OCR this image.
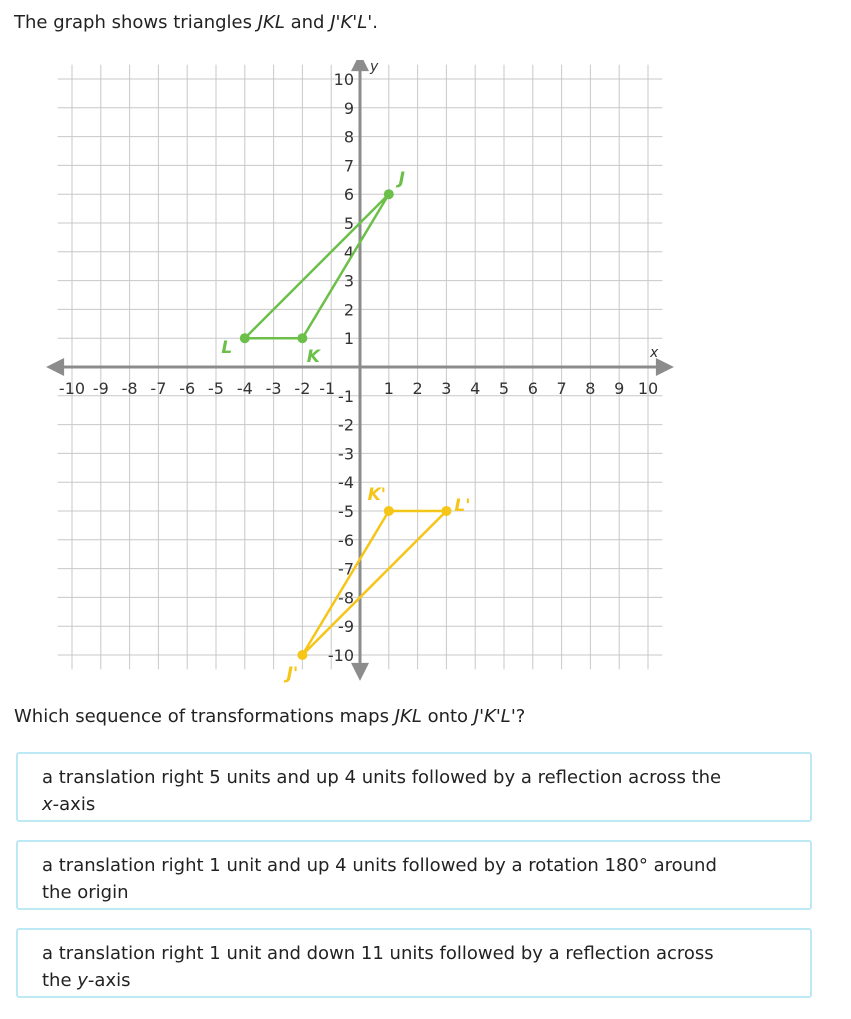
The graph shows triangles JKL and J'K'L'.

x
y
-10 -9 -8 -7 -6 -5 -4 -3 -2 -1	1 2 3 4 5 6 7 8 9 10
-10
-9
-8
-7
-6
-5
-4
-3
-2
-1
1
2
3
4
5
6
7
8
9
10
J
K
L
J'
K'
L'

Which sequence of transformations maps JKL onto J'K'L'?

a translation right 5 units and up 4 units followed by a reflection across the
x-axis
a translation right 1 unit and up 4 units followed by a rotation 180° around
the origin
a translation right 1 unit and down 11 units followed by a reflection across
the y-axis
